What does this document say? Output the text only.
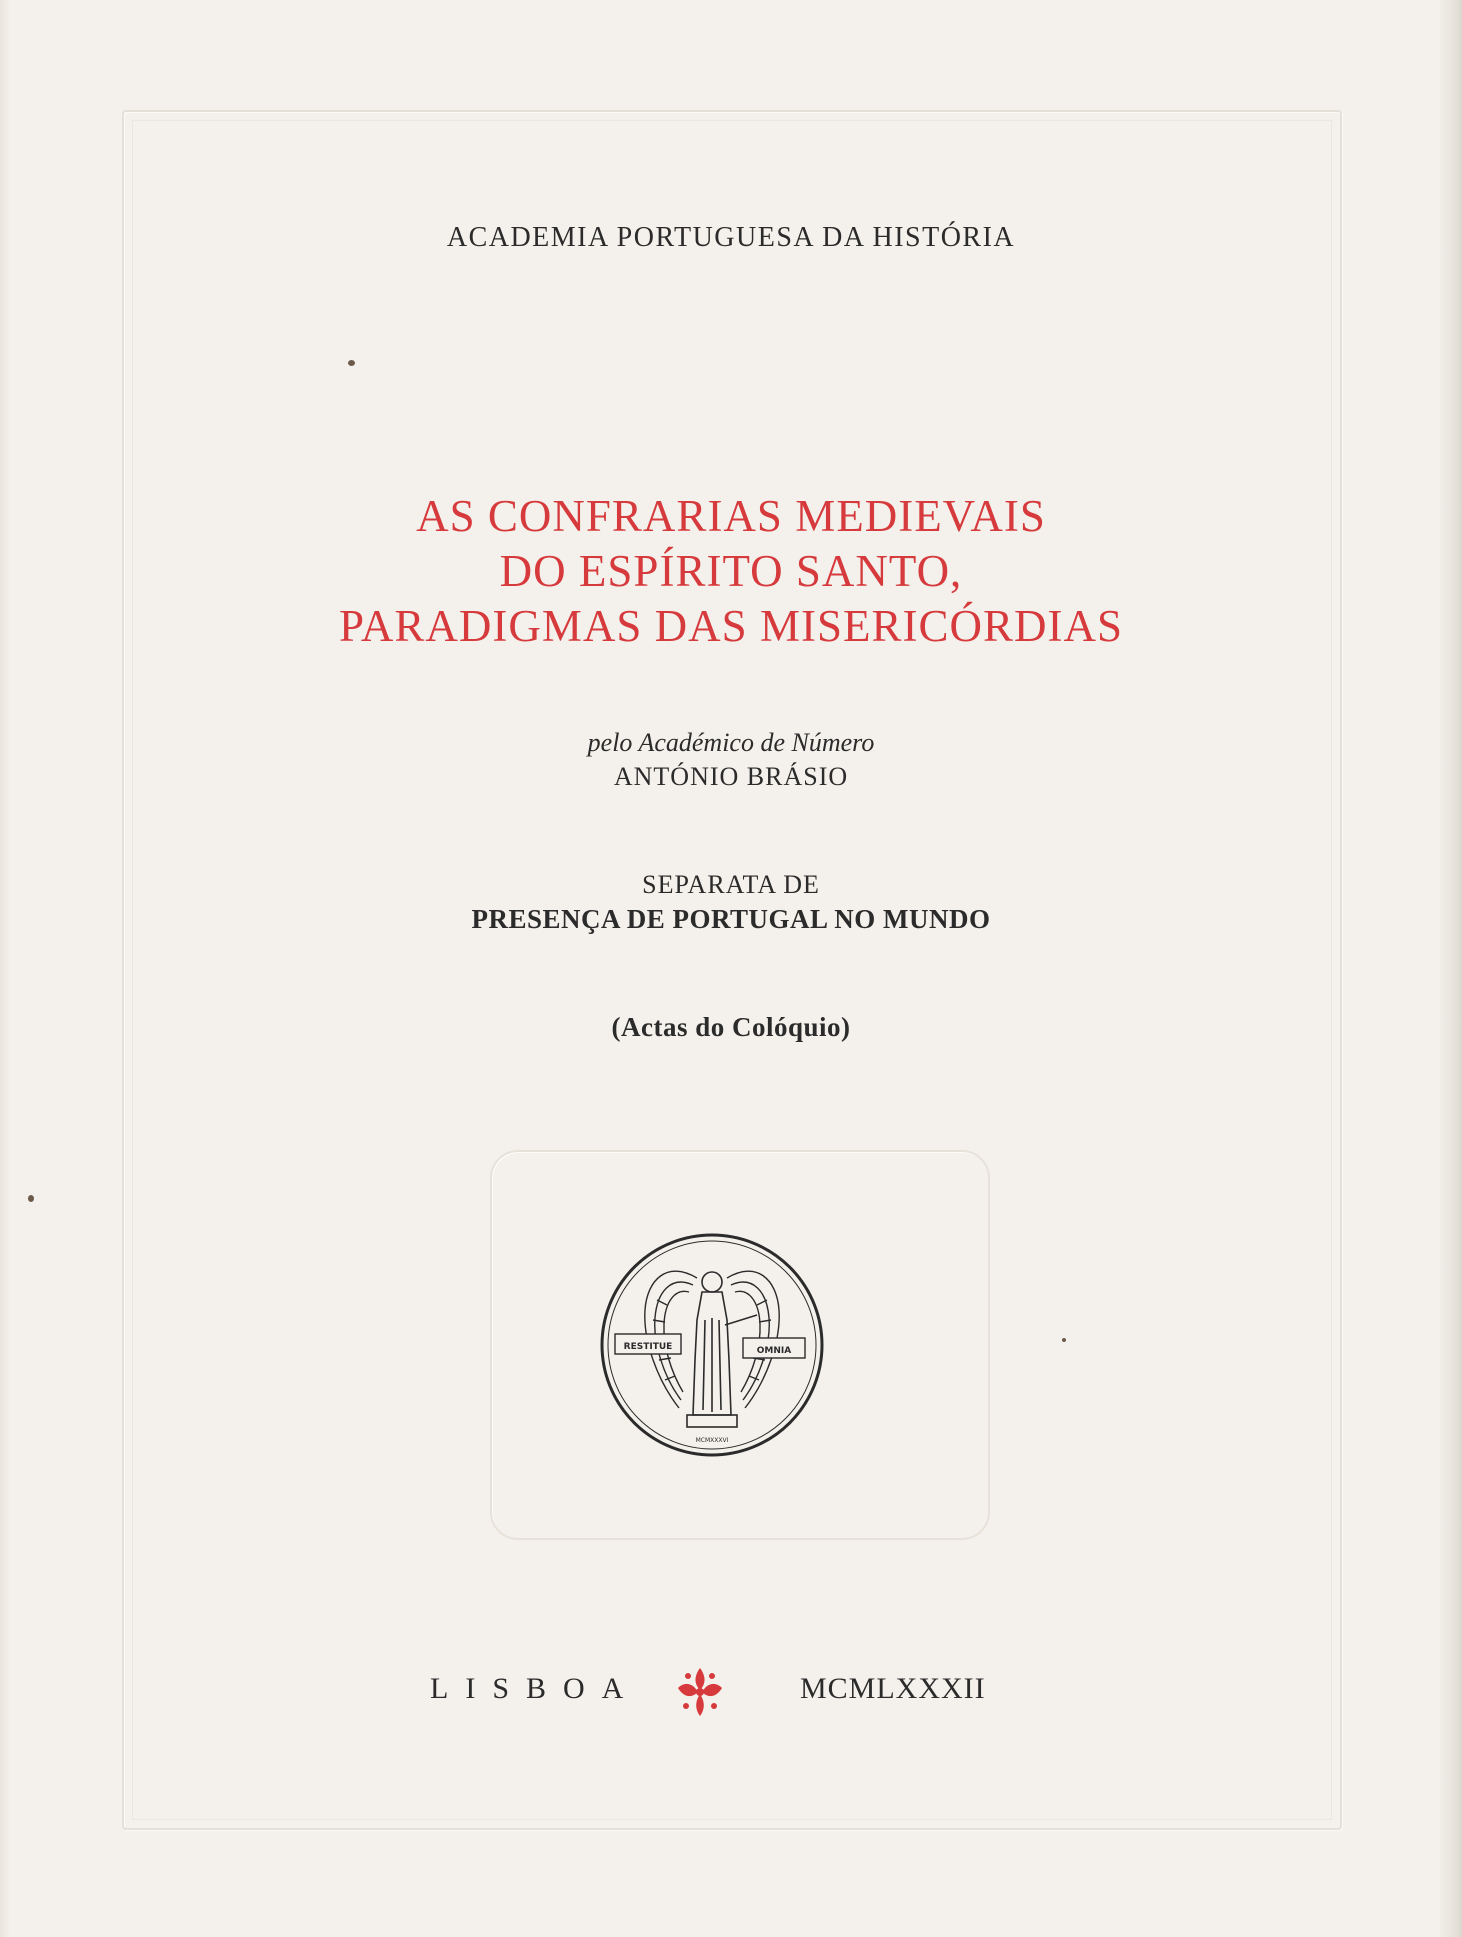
ACADEMIA PORTUGUESA DA HISTÓRIA
AS CONFRARIAS MEDIEVAIS
DO ESPÍRITO SANTO,
PARADIGMAS DAS MISERICÓRDIAS
pelo Académico de Número
ANTÓNIO BRÁSIO
SEPARATA DE
PRESENÇA DE PORTUGAL NO MUNDO
(Actas do Colóquio)
RESTITUE	OMNIA
MCMXXXVI
LISBOA	MCMLXXXII
